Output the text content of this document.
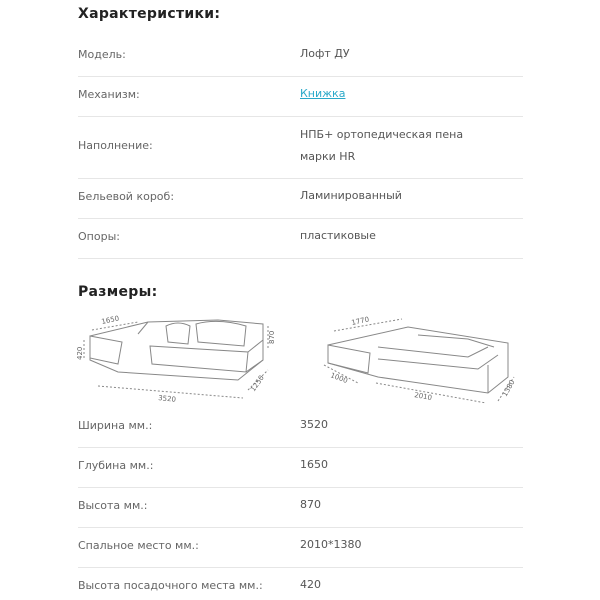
Характеристики:
Модель:	Лофт ДУ
Механизм:	Книжка
Наполнение:
НПБ+ ортопедическая пена
марки HR
Бельевой короб:	Ламинированный
Опоры:	пластиковые
Размеры:
1650
870
420
3520
1250
1770
1000
2010	1380
Ширина мм.:	3520
Глубина мм.:	1650
Высота мм.:	870
Спальное место мм.:	2010*1380
Высота посадочного места мм.:	420
